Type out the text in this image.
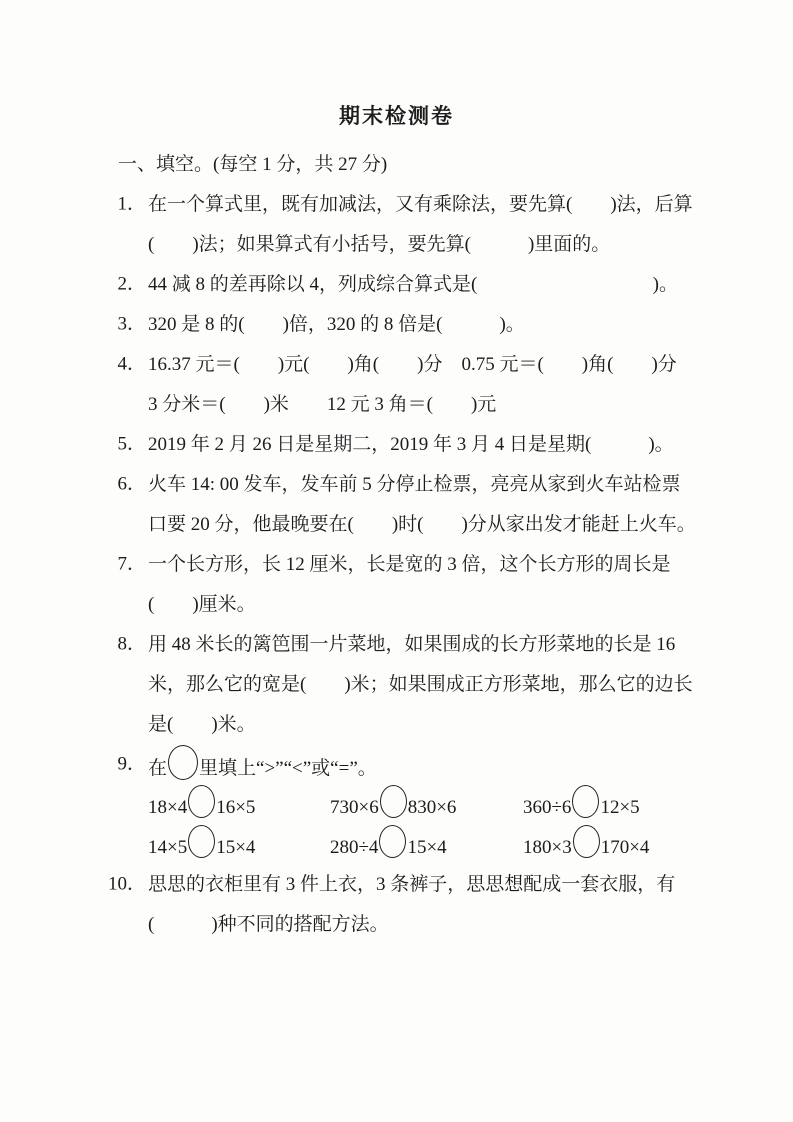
期末检测卷
一、填空。(每空 1 分，共 27 分)
1． 在一个算式里，既有加减法，又有乘除法，要先算(　　)法，后算
(　　)法；如果算式有小括号，要先算(　　　)里面的。
2． 44 减 8 的差再除以 4，列成综合算式是(	)。
3． 320 是 8 的(　　)倍，320 的 8 倍是(　　　)。
4． 16.37 元＝(　　)元(　　)角(　　)分　0.75 元＝(　　)角(　　)分
3 分米＝(　　)米　　12 元 3 角＝(　　)元
5． 2019 年 2 月 26 日是星期二，2019 年 3 月 4 日是星期(　　　)。
6． 火车 14: 00 发车，发车前 5 分停止检票，亮亮从家到火车站检票
口要 20 分，他最晚要在(　　)时(　　)分从家出发才能赶上火车。
7． 一个长方形，长 12 厘米，长是宽的 3 倍，这个长方形的周长是
(　　)厘米。
8． 用 48 米长的篱笆围一片菜地，如果围成的长方形菜地的长是 16
米，那么它的宽是(　　)米；如果围成正方形菜地，那么它的边长
是(　　)米。
9． 在 里填上“>”“<”或“=”。
18×4 16×5	730×6 830×6	360÷6 12×5
14×5 15×4	280÷4 15×4	180×3 170×4
10． 思思的衣柜里有 3 件上衣，3 条裤子，思思想配成一套衣服，有
(　　　)种不同的搭配方法。
